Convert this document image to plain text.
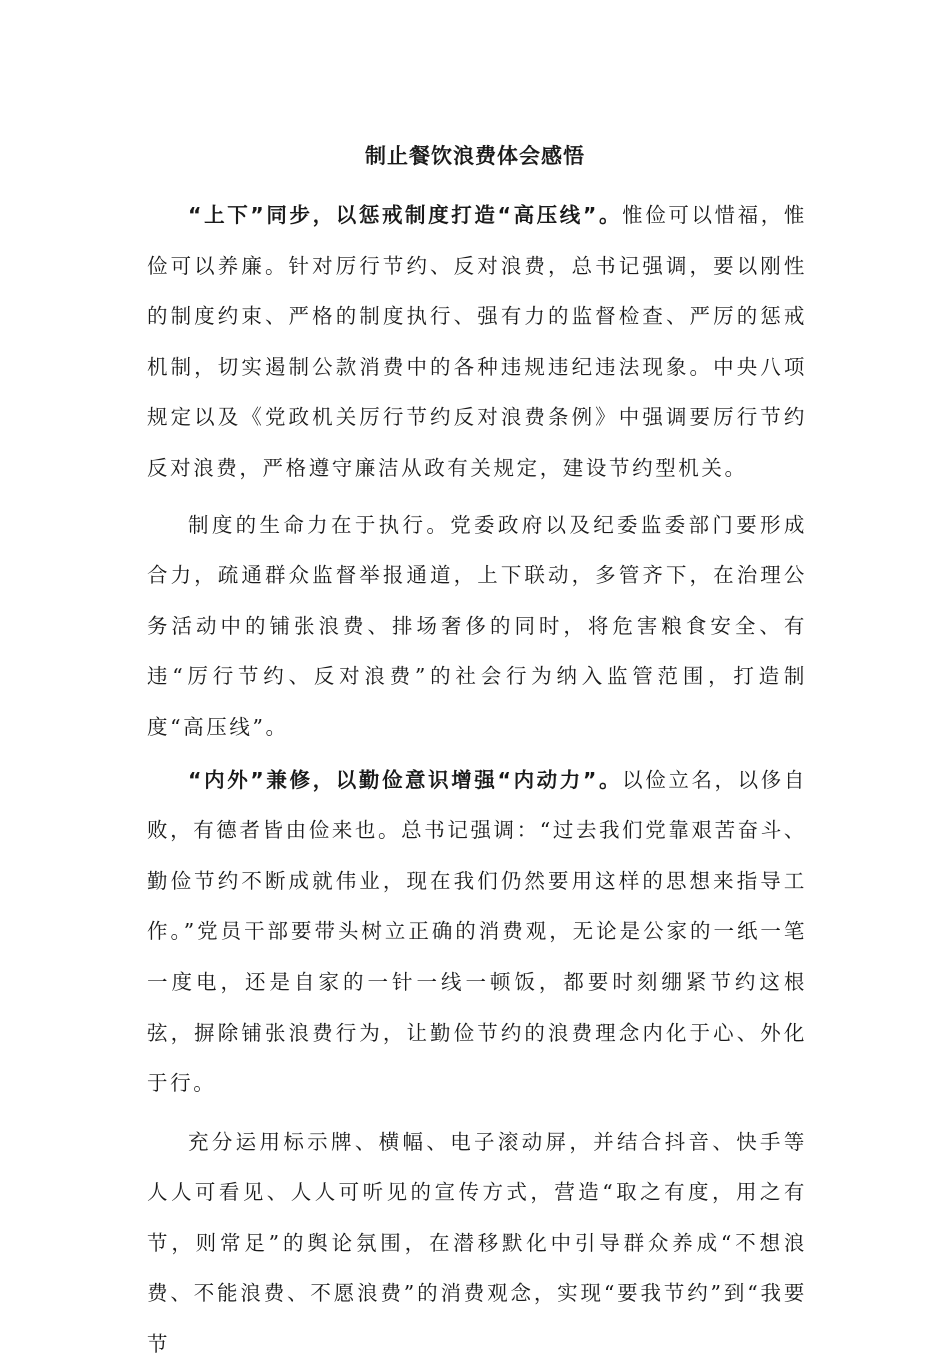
制止餐饮浪费体会感悟

“上下”同步，以惩戒制度打造“高压线”。惟俭可以惜福，惟俭可以养廉。针对厉行节约、反对浪费，总书记强调，要以刚性的制度约束、严格的制度执行、强有力的监督检查、严厉的惩戒机制，切实遏制公款消费中的各种违规违纪违法现象。中央八项规定以及《党政机关厉行节约反对浪费条例》中强调要厉行节约反对浪费，严格遵守廉洁从政有关规定，建设节约型机关。

制度的生命力在于执行。党委政府以及纪委监委部门要形成合力，疏通群众监督举报通道，上下联动，多管齐下，在治理公务活动中的铺张浪费、排场奢侈的同时，将危害粮食安全、有违“厉行节约、反对浪费”的社会行为纳入监管范围，打造制度“高压线”。

“内外”兼修，以勤俭意识增强“内动力”。以俭立名，以侈自败，有德者皆由俭来也。总书记强调：“过去我们党靠艰苦奋斗、勤俭节约不断成就伟业，现在我们仍然要用这样的思想来指导工作。”党员干部要带头树立正确的消费观，无论是公家的一纸一笔一度电，还是自家的一针一线一顿饭，都要时刻绷紧节约这根弦，摒除铺张浪费行为，让勤俭节约的浪费理念内化于心、外化于行。

充分运用标示牌、横幅、电子滚动屏，并结合抖音、快手等人人可看见、人人可听见的宣传方式，营造“取之有度，用之有节，则常足”的舆论氛围，在潜移默化中引导群众养成“不想浪费、不能浪费、不愿浪费”的消费观念，实现“要我节约”到“我要节
